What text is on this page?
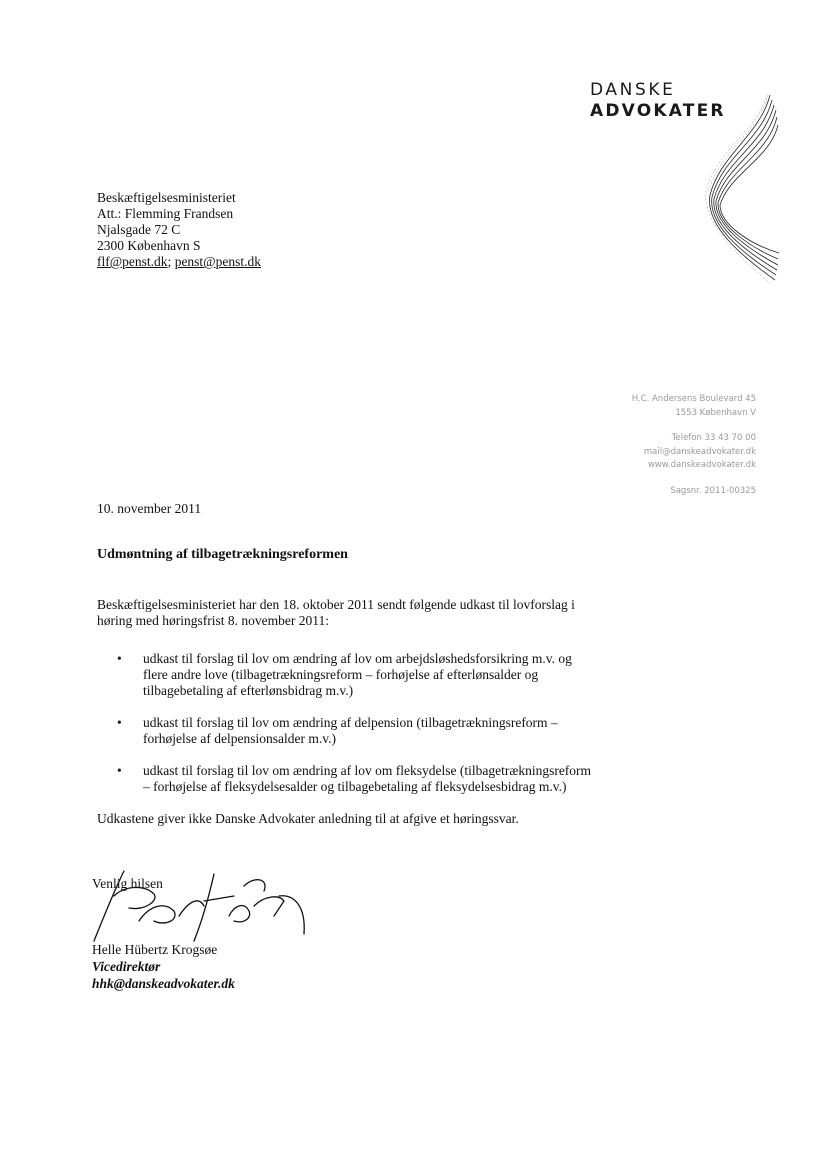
DANSKE
ADVOKATER
Beskæftigelsesministeriet
Att.: Flemming Frandsen
Njalsgade 72 C
2300 København S
flf@penst.dk; penst@penst.dk
H.C. Andersens Boulevard 45
1553 København V
Telefon 33 43 70 00
mail@danskeadvokater.dk
www.danskeadvokater.dk
Sagsnr. 2011-00325
10. november 2011
Udmøntning af tilbagetrækningsreformen

Beskæftigelsesministeriet har den 18. oktober 2011 sendt følgende udkast til lovforslag i høring med høringsfrist 8. november 2011:

• udkast til forslag til lov om ændring af lov om arbejdsløshedsforsikring m.v. og flere andre love (tilbagetrækningsreform – forhøjelse af efterlønsalder og tilbagebetaling af efterlønsbidrag m.v.)
• udkast til forslag til lov om ændring af delpension (tilbagetrækningsreform – forhøjelse af delpensionsalder m.v.)
• udkast til forslag til lov om ændring af lov om fleksydelse (tilbagetrækningsreform – forhøjelse af fleksydelsesalder og tilbagebetaling af fleksydelsesbidrag m.v.)

Udkastene giver ikke Danske Advokater anledning til at afgive et høringssvar.

Venlig hilsen
Helle Hübertz Krogsøe
Vicedirektør
hhk@danskeadvokater.dk
